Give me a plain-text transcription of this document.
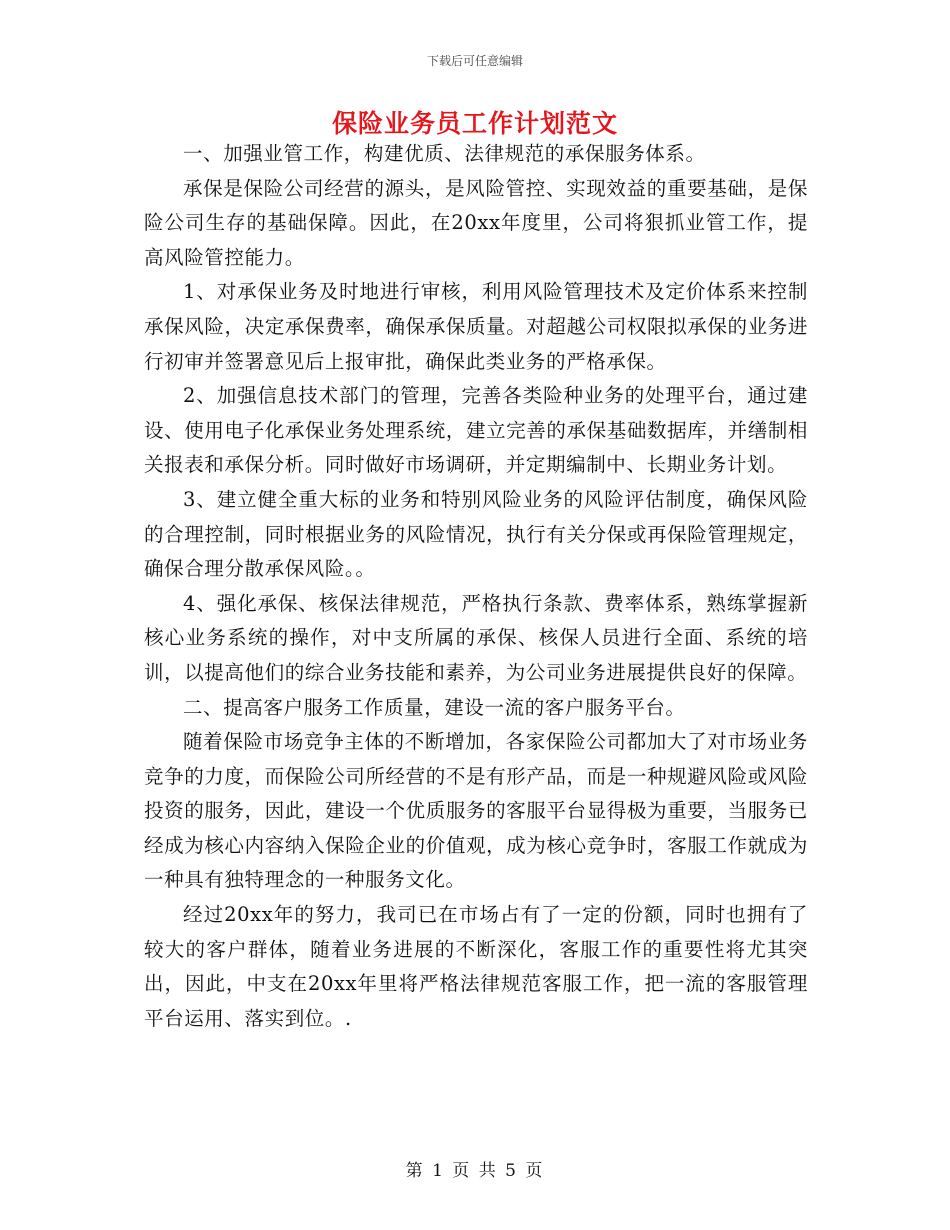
下载后可任意编辑
保险业务员工作计划范文

一、加强业管工作，构建优质、法律规范的承保服务体系。

承保是保险公司经营的源头，是风险管控、实现效益的重要基础，是保险公司生存的基础保障。因此，在20xx年度里，公司将狠抓业管工作，提高风险管控能力。

1、对承保业务及时地进行审核，利用风险管理技术及定价体系来控制承保风险，决定承保费率，确保承保质量。对超越公司权限拟承保的业务进行初审并签署意见后上报审批，确保此类业务的严格承保。

2、加强信息技术部门的管理，完善各类险种业务的处理平台，通过建设、使用电子化承保业务处理系统，建立完善的承保基础数据库，并缮制相关报表和承保分析。同时做好市场调研，并定期编制中、长期业务计划。

3、建立健全重大标的业务和特别风险业务的风险评估制度，确保风险的合理控制，同时根据业务的风险情况，执行有关分保或再保险管理规定，确保合理分散承保风险。。

4、强化承保、核保法律规范，严格执行条款、费率体系，熟练掌握新核心业务系统的操作，对中支所属的承保、核保人员进行全面、系统的培训，以提高他们的综合业务技能和素养，为公司业务进展提供良好的保障。

二、提高客户服务工作质量，建设一流的客户服务平台。

随着保险市场竞争主体的不断增加，各家保险公司都加大了对市场业务竞争的力度，而保险公司所经营的不是有形产品，而是一种规避风险或风险投资的服务，因此，建设一个优质服务的客服平台显得极为重要，当服务已经成为核心内容纳入保险企业的价值观，成为核心竞争时，客服工作就成为一种具有独特理念的一种服务文化。

经过20xx年的努力，我司已在市场占有了一定的份额，同时也拥有了较大的客户群体，随着业务进展的不断深化，客服工作的重要性将尤其突出，因此，中支在20xx年里将严格法律规范客服工作，把一流的客服管理平台运用、落实到位。.

第 1 页 共 5 页
